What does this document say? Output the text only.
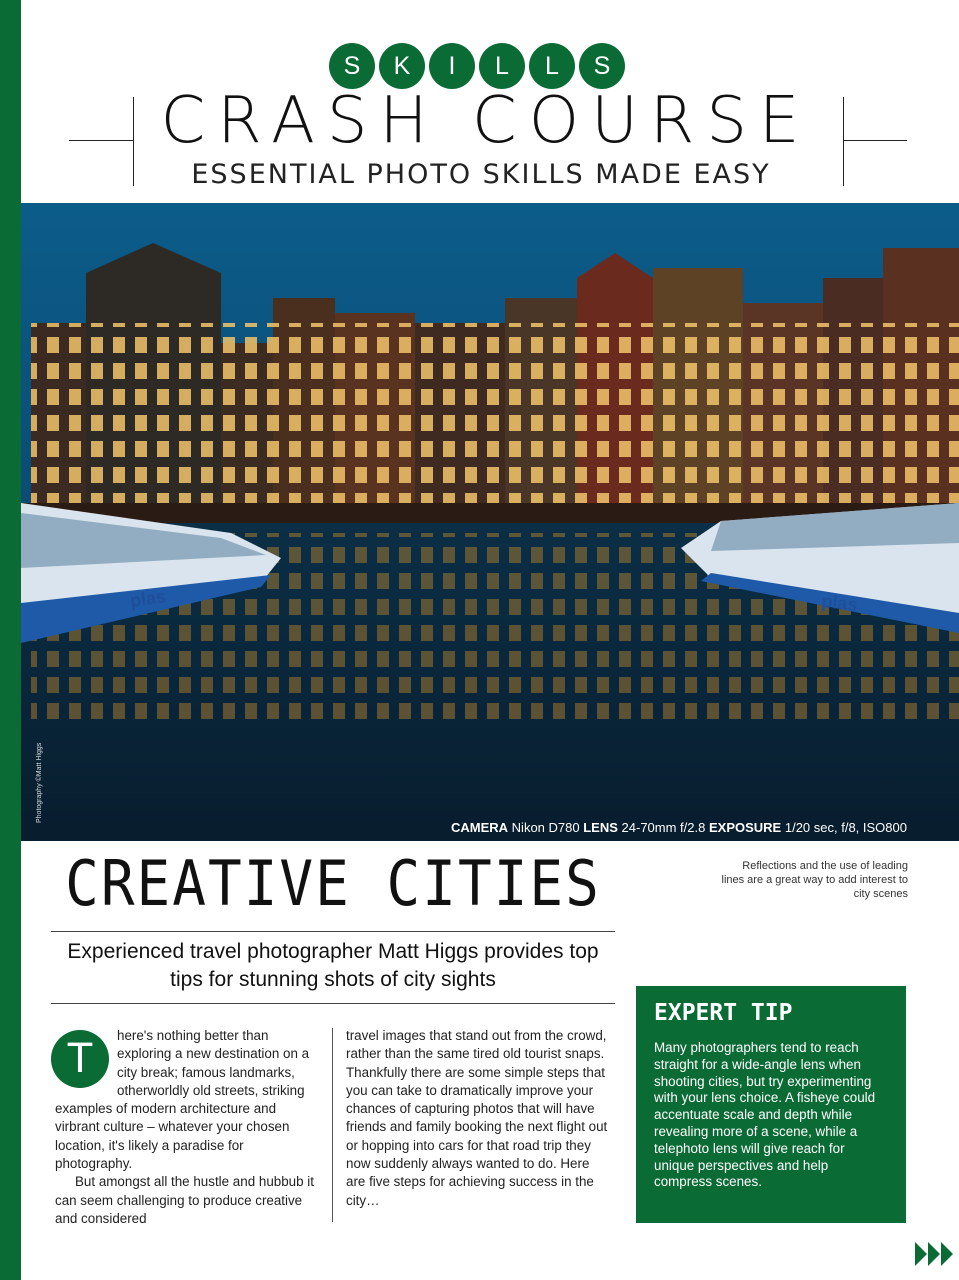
S	K	I	L	L	S
CRASH COURSE
ESSENTIAL PHOTO SKILLS MADE EASY
plas	plas
Photography ©Matt Higgs
CAMERA Nikon D780 LENS 24-70mm f/2.8 EXPOSURE 1/20 sec, f/8, ISO800
CREATIVE CITIES	Reflections and the use of leading lines are a great way to add interest to city scenes
Experienced travel photographer Matt Higgs provides top tips for stunning shots of city sights
T
here's nothing better than exploring a new destination on a city break; famous landmarks, otherworldly old streets, striking examples of modern architecture and virbrant culture – whatever your chosen location, it's likely a paradise for photography.
But amongst all the hustle and hubbub it can seem challenging to produce creative and considered
travel images that stand out from the crowd, rather than the same tired old tourist snaps. Thankfully there are some simple steps that you can take to dramatically improve your chances of capturing photos that will have friends and family booking the next flight out or hopping into cars for that road trip they now suddenly always wanted to do. Here are five steps for achieving success in the city…
EXPERT TIP
Many photographers tend to reach straight for a wide-angle lens when shooting cities, but try experimenting with your lens choice. A fisheye could accentuate scale and depth while revealing more of a scene, while a telephoto lens will give reach for unique perspectives and help compress scenes.
